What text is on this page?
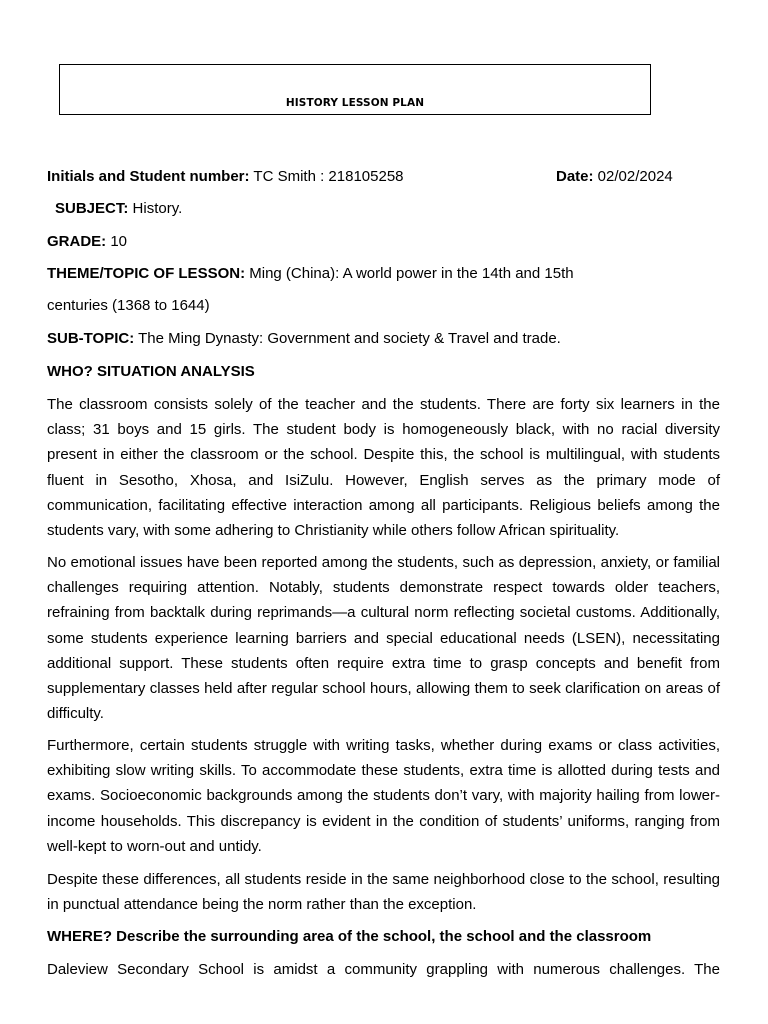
HISTORY LESSON PLAN
Initials and Student number: TC Smith : 218105258	Date: 02/02/2024
SUBJECT: History.
GRADE: 10
THEME/TOPIC OF LESSON: Ming (China): A world power in the 14th and 15th
centuries (1368 to 1644)
SUB-TOPIC: The Ming Dynasty: Government and society & Travel and trade.
WHO? SITUATION ANALYSIS
The classroom consists solely of the teacher and the students. There are forty six learners in the class; 31 boys and 15 girls. The student body is homogeneously black, with no racial diversity present in either the classroom or the school. Despite this, the school is multilingual, with students fluent in Sesotho, Xhosa, and IsiZulu. However, English serves as the primary mode of communication, facilitating effective interaction among all participants. Religious beliefs among the students vary, with some adhering to Christianity while others follow African spirituality.
No emotional issues have been reported among the students, such as depression, anxiety, or familial challenges requiring attention. Notably, students demonstrate respect towards older teachers, refraining from backtalk during reprimands—a cultural norm reflecting societal customs. Additionally, some students experience learning barriers and special educational needs (LSEN), necessitating additional support. These students often require extra time to grasp concepts and benefit from supplementary classes held after regular school hours, allowing them to seek clarification on areas of difficulty.
Furthermore, certain students struggle with writing tasks, whether during exams or class activities, exhibiting slow writing skills. To accommodate these students, extra time is allotted during tests and exams. Socioeconomic backgrounds among the students don’t vary, with majority hailing from lower-income households. This discrepancy is evident in the condition of students’ uniforms, ranging from well-kept to worn-out and untidy.
Despite these differences, all students reside in the same neighborhood close to the school, resulting in punctual attendance being the norm rather than the exception.
WHERE? Describe the surrounding area of the school, the school and the classroom
Daleview Secondary School is amidst a community grappling with numerous challenges. The
